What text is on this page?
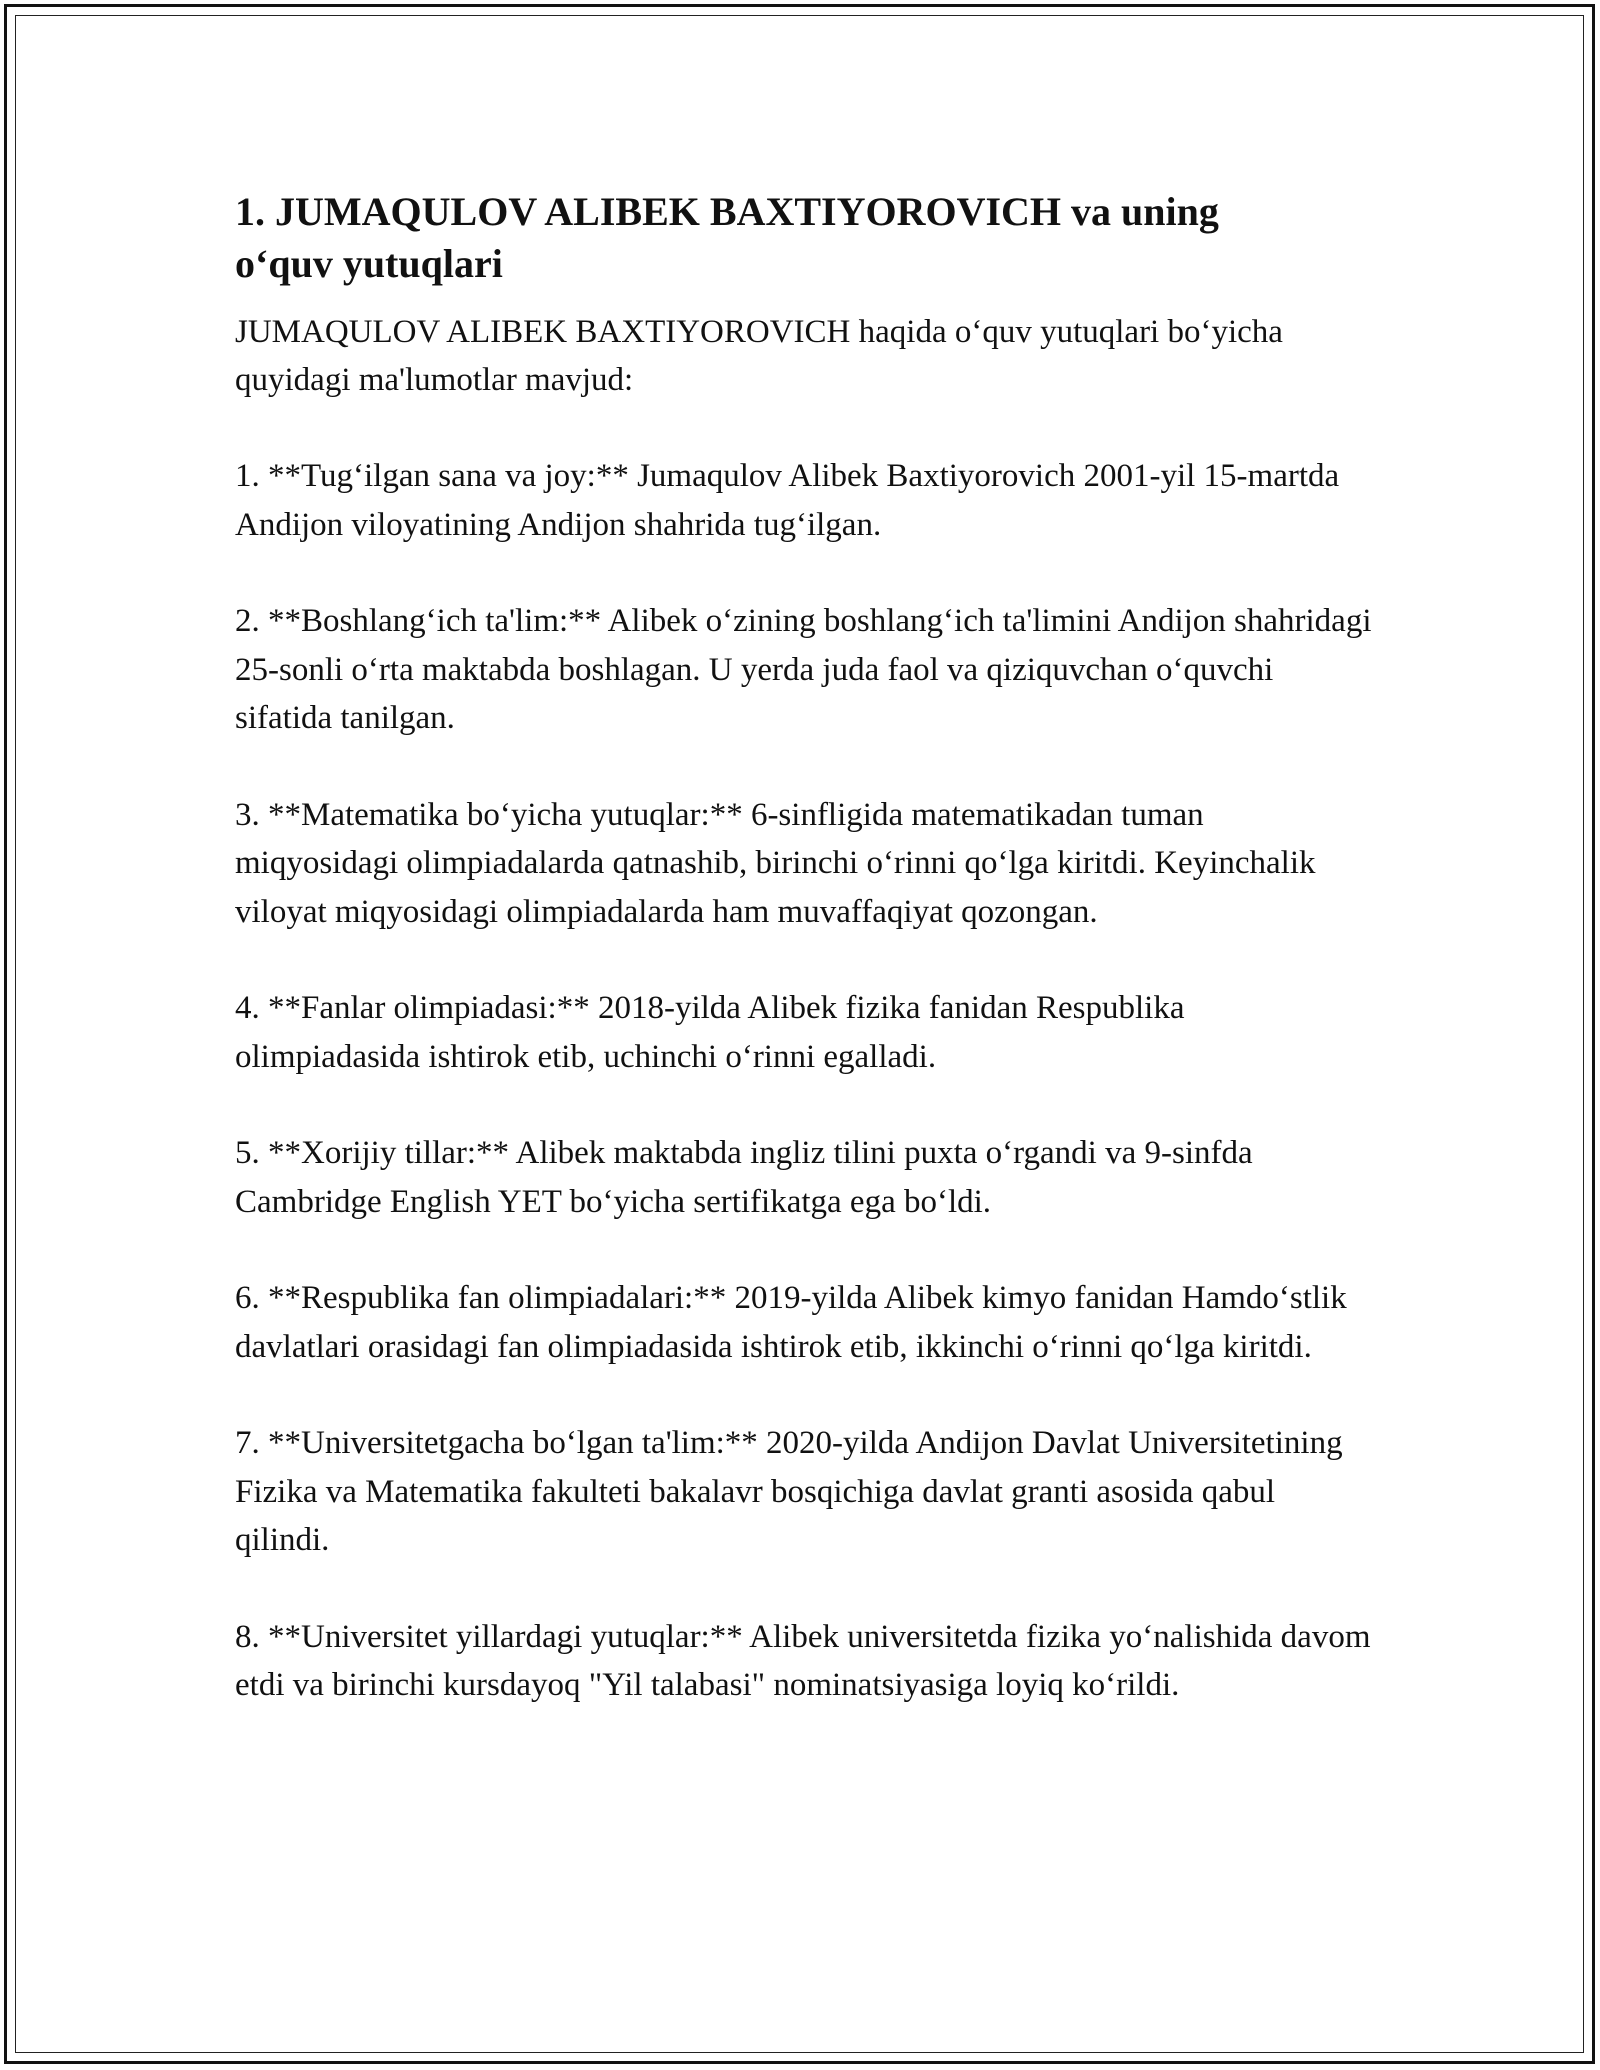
1. JUMAQULOV ALIBEK BAXTIYOROVICH va uning o‘quv yutuqlari

JUMAQULOV ALIBEK BAXTIYOROVICH haqida o‘quv yutuqlari bo‘yicha quyidagi ma'lumotlar mavjud:

1. **Tug‘ilgan sana va joy:** Jumaqulov Alibek Baxtiyorovich 2001-yil 15-martda Andijon viloyatining Andijon shahrida tug‘ilgan.

2. **Boshlang‘ich ta'lim:** Alibek o‘zining boshlang‘ich ta'limini Andijon shahridagi 25-sonli o‘rta maktabda boshlagan. U yerda juda faol va qiziquvchan o‘quvchi sifatida tanilgan.

3. **Matematika bo‘yicha yutuqlar:** 6-sinfligida matematikadan tuman miqyosidagi olimpiadalarda qatnashib, birinchi o‘rinni qo‘lga kiritdi. Keyinchalik viloyat miqyosidagi olimpiadalarda ham muvaffaqiyat qozongan.

4. **Fanlar olimpiadasi:** 2018-yilda Alibek fizika fanidan Respublika olimpiadasida ishtirok etib, uchinchi o‘rinni egalladi.

5. **Xorijiy tillar:** Alibek maktabda ingliz tilini puxta o‘rgandi va 9-sinfda Cambridge English YET bo‘yicha sertifikatga ega bo‘ldi.

6. **Respublika fan olimpiadalari:** 2019-yilda Alibek kimyo fanidan Hamdo‘stlik davlatlari orasidagi fan olimpiadasida ishtirok etib, ikkinchi o‘rinni qo‘lga kiritdi.

7. **Universitetgacha bo‘lgan ta'lim:** 2020-yilda Andijon Davlat Universitetining Fizika va Matematika fakulteti bakalavr bosqichiga davlat granti asosida qabul qilindi.

8. **Universitet yillardagi yutuqlar:** Alibek universitetda fizika yo‘nalishida davom etdi va birinchi kursdayoq "Yil talabasi" nominatsiyasiga loyiq ko‘rildi.
